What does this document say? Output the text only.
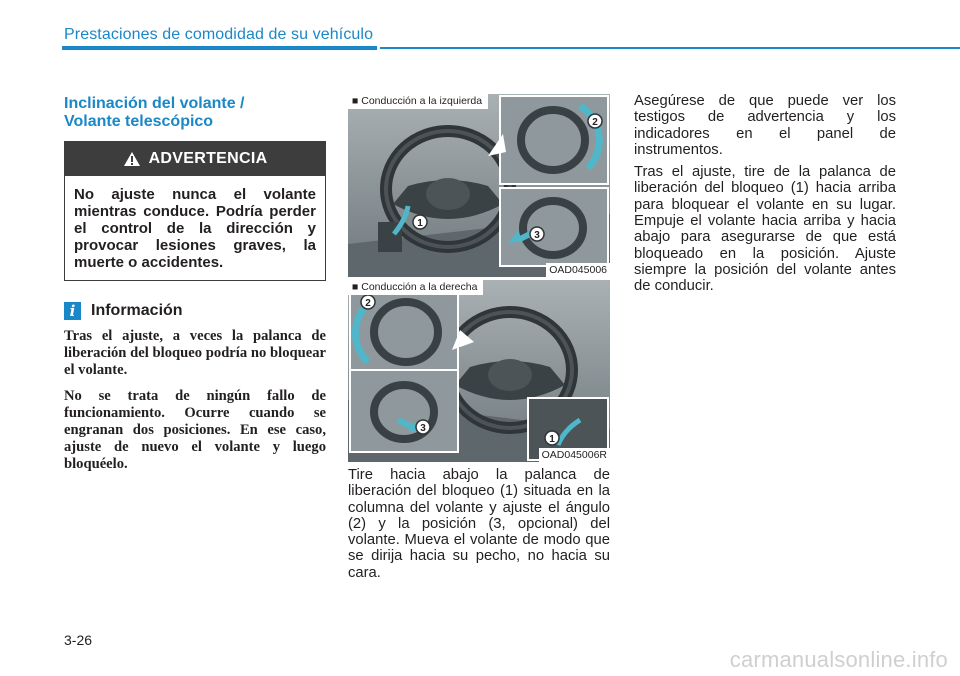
Prestaciones de comodidad de su vehículo
Inclinación del volante /
Volante telescópico
ADVERTENCIA
No ajuste nunca el volante mientras conduce. Podría perder el control de la dirección y provocar lesiones graves, la muerte o accidentes.
i Información

Tras el ajuste, a veces la palanca de liberación del bloqueo podría no bloquear el volante.

No se trata de ningún fallo de funcionamiento. Ocurre cuando se engranan dos posiciones. En ese caso, ajuste de nuevo el volante y luego bloquéelo.

■ Conducción a la izquierda
1
2
3
OAD045006
■ Conducción a la derecha
2
3
1
OAD045006R
Tire hacia abajo la palanca de liberación del bloqueo (1) situada en la columna del volante y ajuste el ángulo (2) y la posición (3, opcional) del volante. Mueva el volante de modo que se dirija hacia su pecho, no hacia su cara.

Asegúrese de que puede ver los testigos de advertencia y los indicadores en el panel de instrumentos.

Tras el ajuste, tire de la palanca de liberación del bloqueo (1) hacia arriba para bloquear el volante en su lugar. Empuje el volante hacia arriba y hacia abajo para asegurarse de que está bloqueado en la posición. Ajuste siempre la posición del volante antes de conducir.

3-26
carmanualsonline.info
